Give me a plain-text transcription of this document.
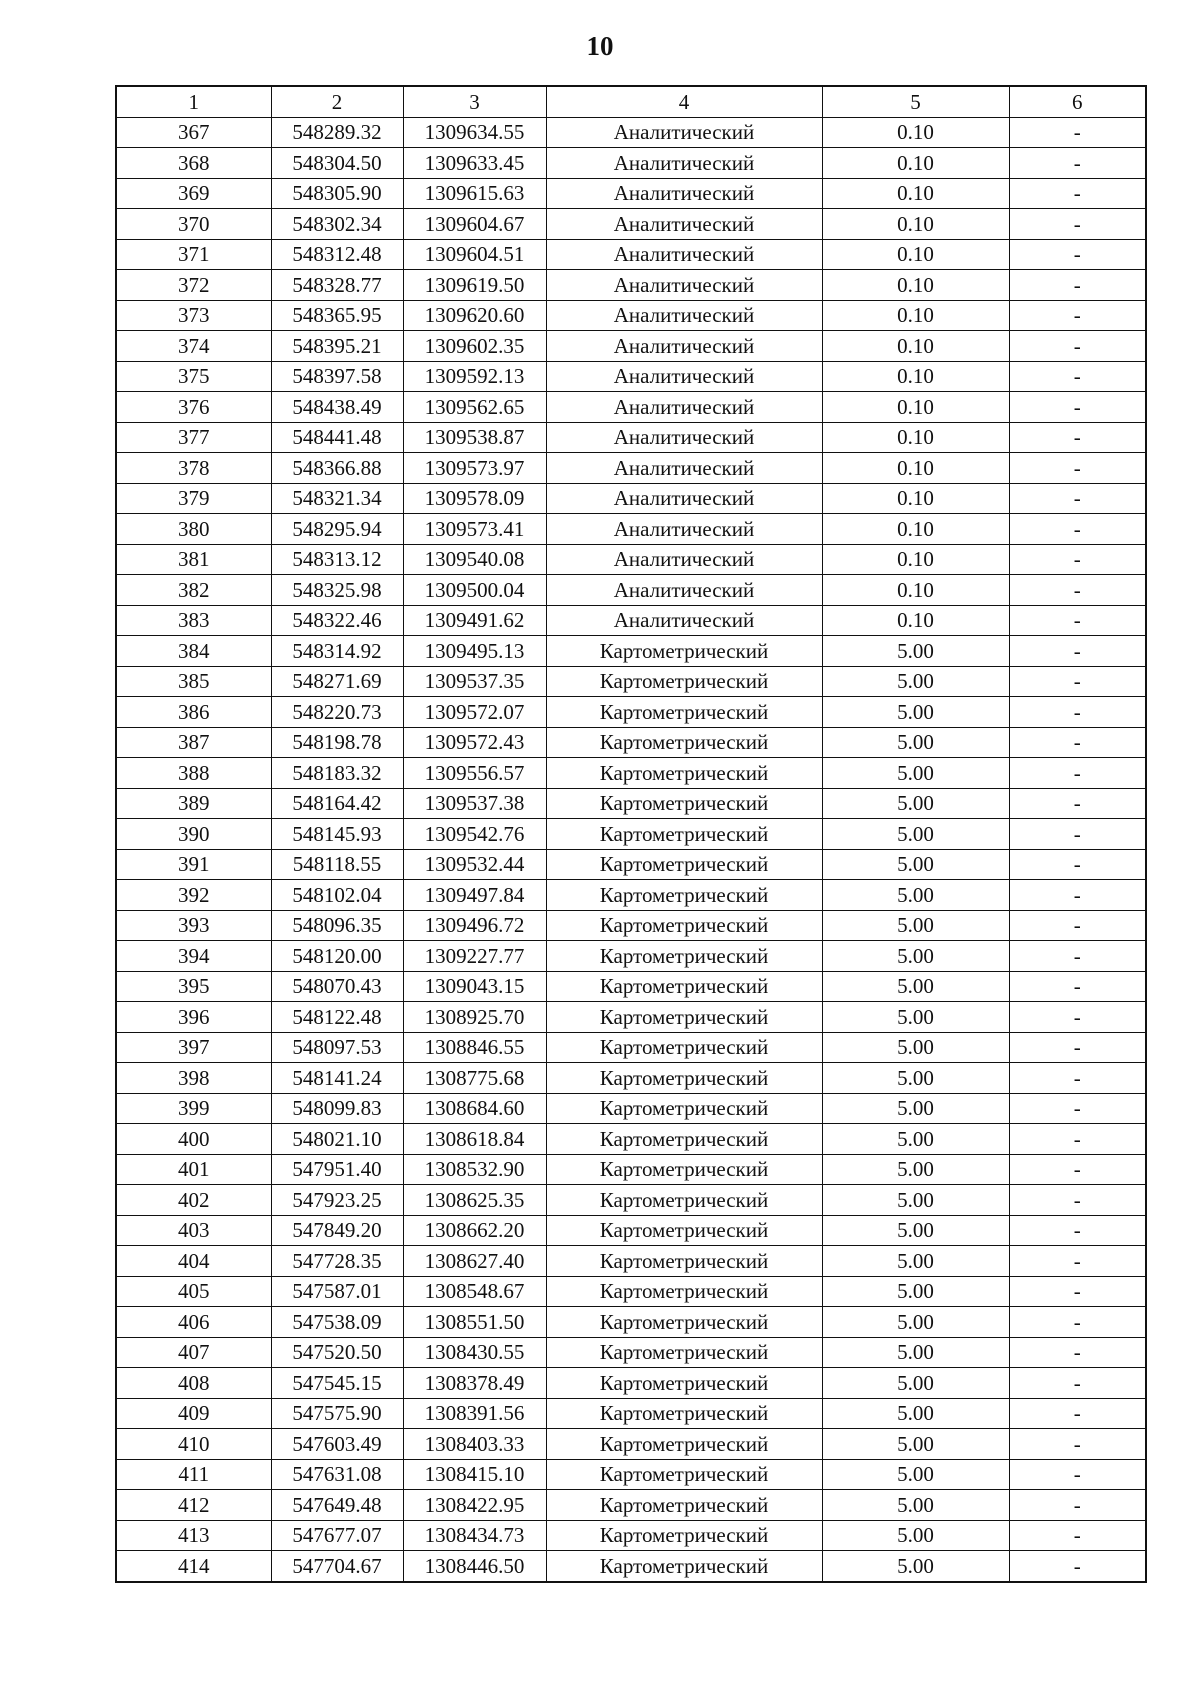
10
1	2	3	4	5	6
367	548289.32	1309634.55	Аналитический	0.10	-
368	548304.50	1309633.45	Аналитический	0.10	-
369	548305.90	1309615.63	Аналитический	0.10	-
370	548302.34	1309604.67	Аналитический	0.10	-
371	548312.48	1309604.51	Аналитический	0.10	-
372	548328.77	1309619.50	Аналитический	0.10	-
373	548365.95	1309620.60	Аналитический	0.10	-
374	548395.21	1309602.35	Аналитический	0.10	-
375	548397.58	1309592.13	Аналитический	0.10	-
376	548438.49	1309562.65	Аналитический	0.10	-
377	548441.48	1309538.87	Аналитический	0.10	-
378	548366.88	1309573.97	Аналитический	0.10	-
379	548321.34	1309578.09	Аналитический	0.10	-
380	548295.94	1309573.41	Аналитический	0.10	-
381	548313.12	1309540.08	Аналитический	0.10	-
382	548325.98	1309500.04	Аналитический	0.10	-
383	548322.46	1309491.62	Аналитический	0.10	-
384	548314.92	1309495.13	Картометрический	5.00	-
385	548271.69	1309537.35	Картометрический	5.00	-
386	548220.73	1309572.07	Картометрический	5.00	-
387	548198.78	1309572.43	Картометрический	5.00	-
388	548183.32	1309556.57	Картометрический	5.00	-
389	548164.42	1309537.38	Картометрический	5.00	-
390	548145.93	1309542.76	Картометрический	5.00	-
391	548118.55	1309532.44	Картометрический	5.00	-
392	548102.04	1309497.84	Картометрический	5.00	-
393	548096.35	1309496.72	Картометрический	5.00	-
394	548120.00	1309227.77	Картометрический	5.00	-
395	548070.43	1309043.15	Картометрический	5.00	-
396	548122.48	1308925.70	Картометрический	5.00	-
397	548097.53	1308846.55	Картометрический	5.00	-
398	548141.24	1308775.68	Картометрический	5.00	-
399	548099.83	1308684.60	Картометрический	5.00	-
400	548021.10	1308618.84	Картометрический	5.00	-
401	547951.40	1308532.90	Картометрический	5.00	-
402	547923.25	1308625.35	Картометрический	5.00	-
403	547849.20	1308662.20	Картометрический	5.00	-
404	547728.35	1308627.40	Картометрический	5.00	-
405	547587.01	1308548.67	Картометрический	5.00	-
406	547538.09	1308551.50	Картометрический	5.00	-
407	547520.50	1308430.55	Картометрический	5.00	-
408	547545.15	1308378.49	Картометрический	5.00	-
409	547575.90	1308391.56	Картометрический	5.00	-
410	547603.49	1308403.33	Картометрический	5.00	-
411	547631.08	1308415.10	Картометрический	5.00	-
412	547649.48	1308422.95	Картометрический	5.00	-
413	547677.07	1308434.73	Картометрический	5.00	-
414	547704.67	1308446.50	Картометрический	5.00	-
